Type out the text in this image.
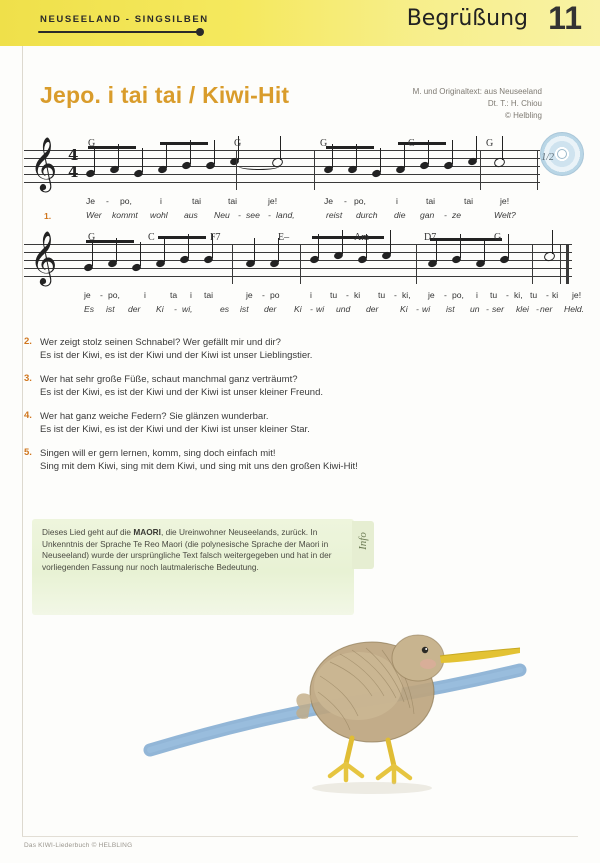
NEUSEELAND - SINGSILBEN	Begrüßung 11
Jepo. i tai tai / Kiwi-Hit	M. und Originaltext: aus Neuseeland
Dt. T.: H. Chiou
© Helbling
1/2
𝄞 4
4
G	G	G	C	G
Je - po,	i	tai	tai	je!	Je - po,	i	tai	tai	je!
Wer kommt wohl aus Neu - see - land,	reist durch die gan - ze	Welt?
1.
𝄞	G	C	F7	E–	Am	D7	G
je - po,	i	ta i tai	je - po	i tu - ki tu - ki, je - po, i tu - ki, tu - ki je!
Es ist der Ki - wi,	es ist der Ki - wi und der	Ki - wi ist un - ser klei - ner Held.
2. Wer zeigt stolz seinen Schnabel? Wer gefällt mir und dir?
Es ist der Kiwi, es ist der Kiwi und der Kiwi ist unser Lieblingstier.
3. Wer hat sehr große Füße, schaut manchmal ganz verträumt?
Es ist der Kiwi, es ist der Kiwi und der Kiwi ist unser kleiner Freund.
4. Wer hat ganz weiche Federn? Sie glänzen wunderbar.
Es ist der Kiwi, es ist der Kiwi und der Kiwi ist unser kleiner Star.
5. Singen will er gern lernen, komm, sing doch einfach mit!
Sing mit dem Kiwi, sing mit dem Kiwi, und sing mit uns den großen Kiwi-Hit!
Dieses Lied geht auf die MAORI, die Ureinwohner Neuseelands, zurück. In Unkenntnis der Sprache Te Reo Maori (die polynesische Sprache der Maori in Neuseeland) wurde der ursprüngliche Text falsch weitergegeben und hat in der vorliegenden Fassung nur noch lautmalerische Bedeutung.
Info
Das KIWI-Liederbuch © HELBLING
